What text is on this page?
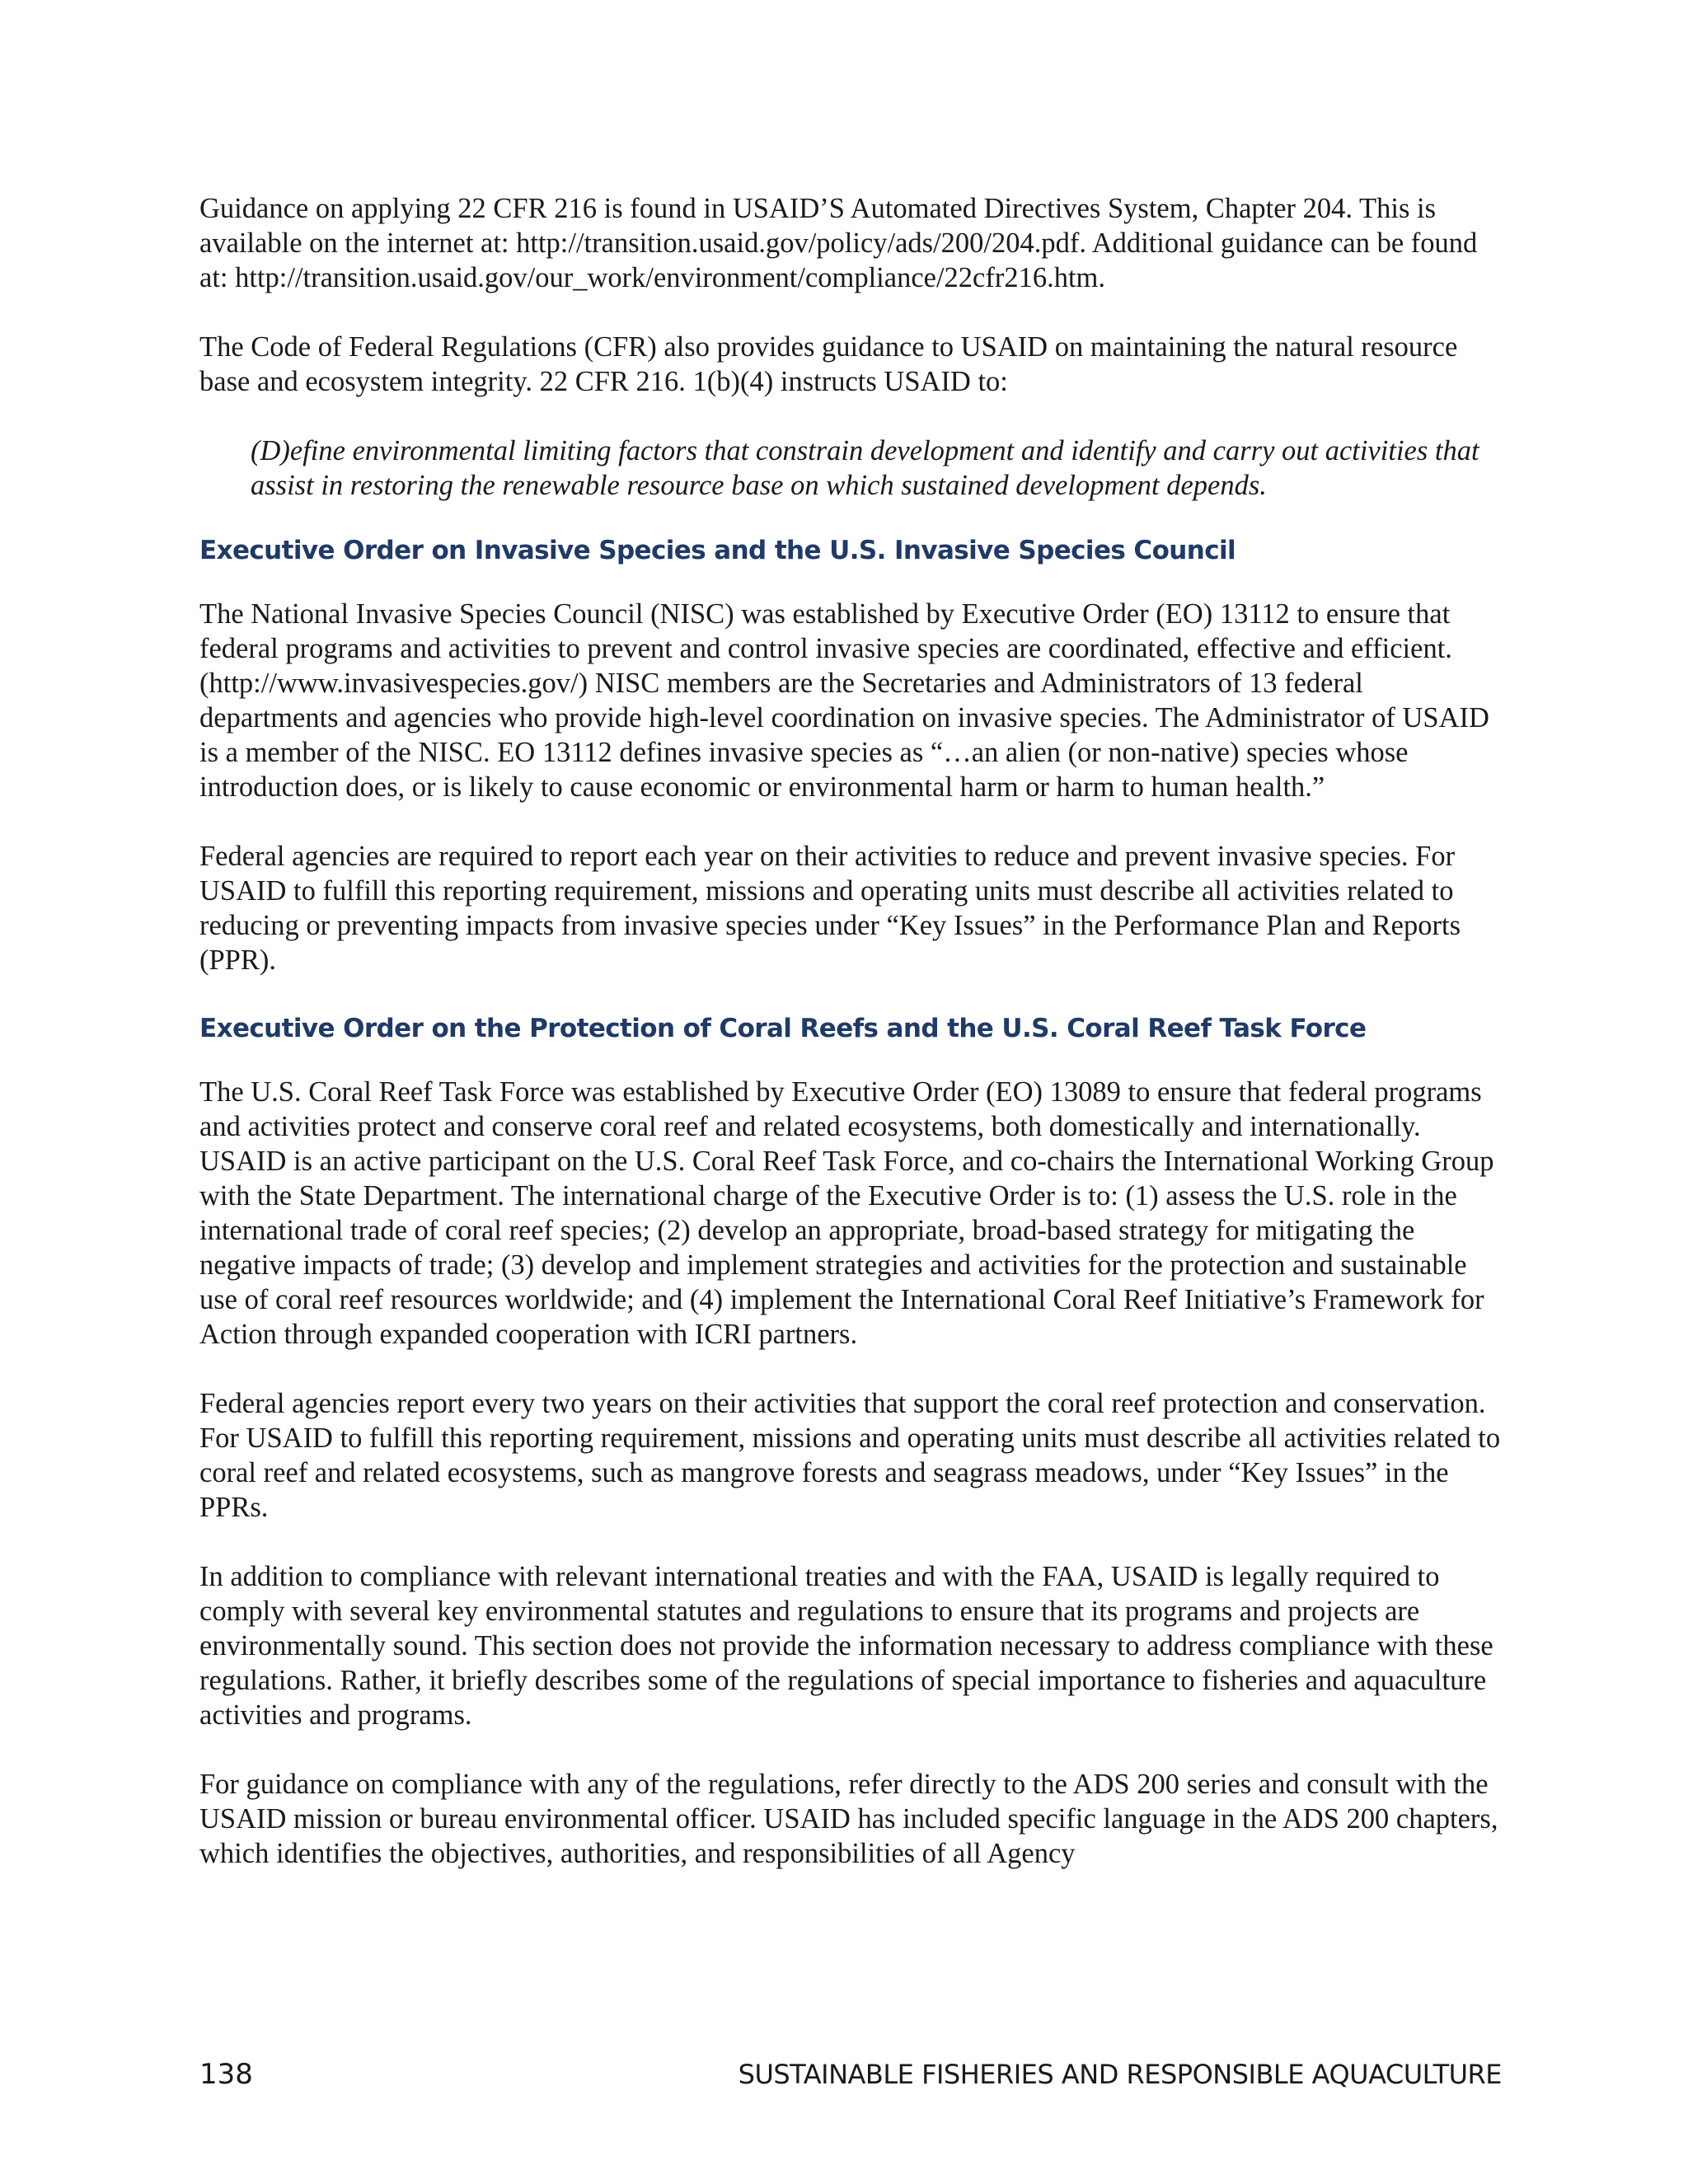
Guidance on applying 22 CFR 216 is found in USAID’S Automated Directives System, Chapter 204. This is available on the internet at: http://transition.usaid.gov/policy/ads/200/204.pdf. Additional guidance can be found at: http://transition.usaid.gov/our_work/environment/compliance/22cfr216.htm.

The Code of Federal Regulations (CFR) also provides guidance to USAID on maintaining the natural resource base and ecosystem integrity. 22 CFR 216. 1(b)(4) instructs USAID to:

(D)efine environmental limiting factors that constrain development and identify and carry out activities that assist in restoring the renewable resource base on which sustained development depends.

Executive Order on Invasive Species and the U.S. Invasive Species Council

The National Invasive Species Council (NISC) was established by Executive Order (EO) 13112 to ensure that federal programs and activities to prevent and control invasive species are coordinated, effective and efficient. (http://www.invasivespecies.gov/) NISC members are the Secretaries and Administrators of 13 federal departments and agencies who provide high-level coordination on invasive species. The Administrator of USAID is a member of the NISC. EO 13112 defines invasive species as “…an alien (or non-native) species whose introduction does, or is likely to cause economic or environmental harm or harm to human health.”

Federal agencies are required to report each year on their activities to reduce and prevent invasive species. For USAID to fulfill this reporting requirement, missions and operating units must describe all activities related to reducing or preventing impacts from invasive species under “Key Issues” in the Performance Plan and Reports (PPR).

Executive Order on the Protection of Coral Reefs and the U.S. Coral Reef Task Force

The U.S. Coral Reef Task Force was established by Executive Order (EO) 13089 to ensure that federal programs and activities protect and conserve coral reef and related ecosystems, both domestically and internationally. USAID is an active participant on the U.S. Coral Reef Task Force, and co-chairs the International Working Group with the State Department. The international charge of the Executive Order is to: (1) assess the U.S. role in the international trade of coral reef species; (2) develop an appropriate, broad-based strategy for mitigating the negative impacts of trade; (3) develop and implement strategies and activities for the protection and sustainable use of coral reef resources worldwide; and (4) implement the International Coral Reef Initiative’s Framework for Action through expanded cooperation with ICRI partners.

Federal agencies report every two years on their activities that support the coral reef protection and conservation. For USAID to fulfill this reporting requirement, missions and operating units must describe all activities related to coral reef and related ecosystems, such as mangrove forests and seagrass meadows, under “Key Issues” in the PPRs.

In addition to compliance with relevant international treaties and with the FAA, USAID is legally required to comply with several key environmental statutes and regulations to ensure that its programs and projects are environmentally sound. This section does not provide the information necessary to address compliance with these regulations. Rather, it briefly describes some of the regulations of special importance to fisheries and aquaculture activities and programs.

For guidance on compliance with any of the regulations, refer directly to the ADS 200 series and consult with the USAID mission or bureau environmental officer. USAID has included specific language in the ADS 200 chapters, which identifies the objectives, authorities, and responsibilities of all Agency

138	SUSTAINABLE FISHERIES AND RESPONSIBLE AQUACULTURE
